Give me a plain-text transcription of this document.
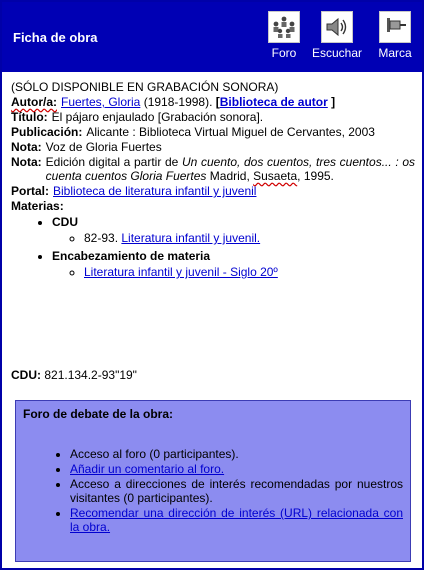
Ficha de obra
Foro	Escuchar	Marca
(SÓLO DISPONIBLE EN GRABACIÓN SONORA)
Autor/a: Fuertes, Gloria (1918-1998). [Biblioteca de autor ]
Título: El pájaro enjaulado [Grabación sonora].
Publicación: Alicante : Biblioteca Virtual Miguel de Cervantes, 2003
Nota: Voz de Gloria Fuertes
Nota: Edición digital a partir de Un cuento, dos cuentos, tres cuentos... : os cuenta cuentos Gloria Fuertes Madrid, Susaeta, 1995.
Portal: Biblioteca de literatura infantil y juvenil
Materias:
• CDU
◦ 82-93. Literatura infantil y juvenil.
• Encabezamiento de materia
◦ Literatura infantil y juvenil - Siglo 20º
CDU: 821.134.2-93"19"
Foro de debate de la obra:
• Acceso al foro (0 participantes).
• Añadir un comentario al foro.
• Acceso a direcciones de interés recomendadas por nuestros visitantes (0 participantes).
• Recomendar una dirección de interés (URL) relacionada con la obra.
